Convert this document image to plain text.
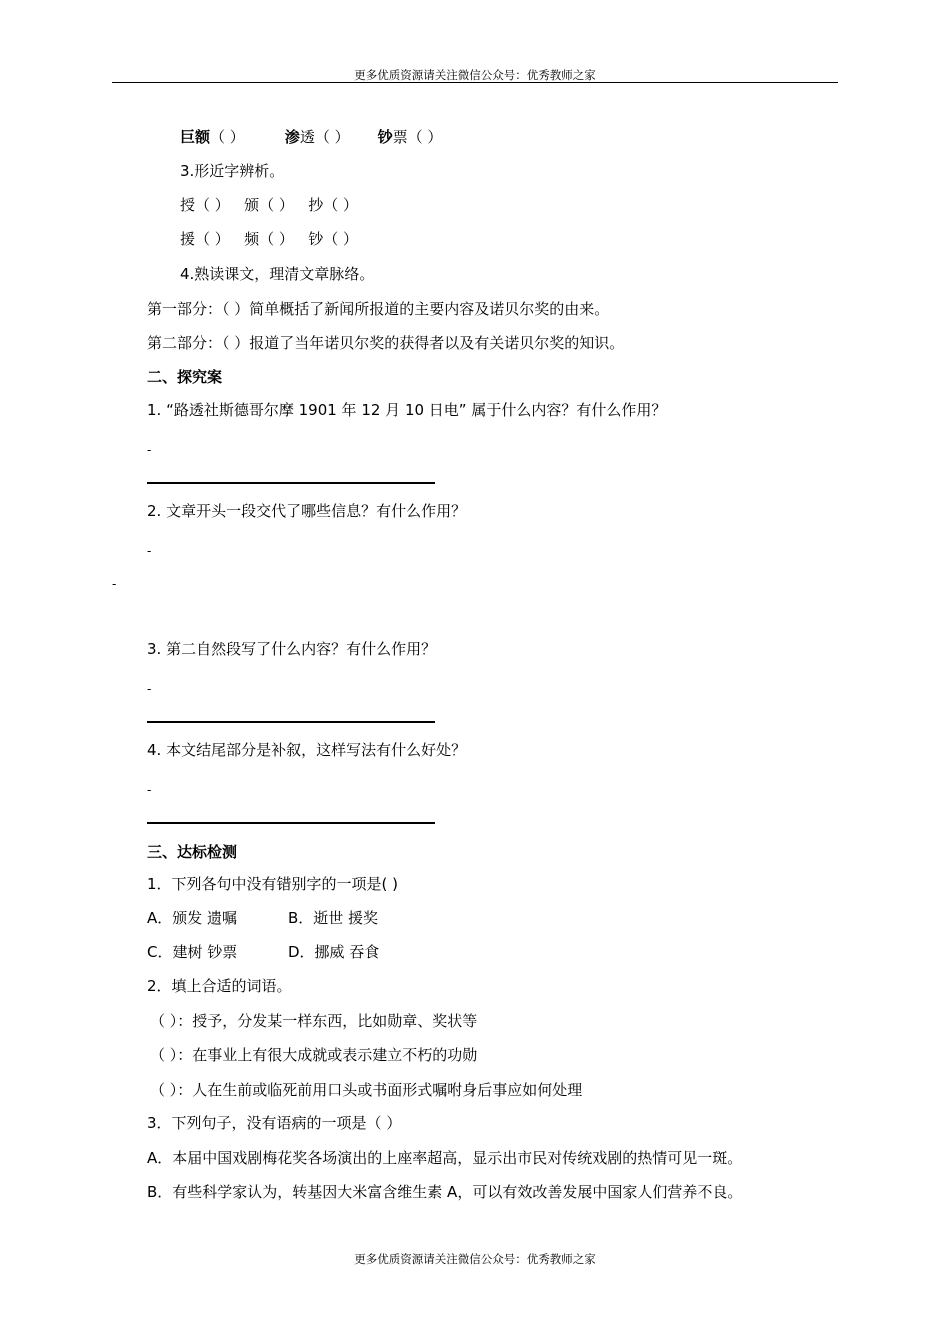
更多优质资源请关注微信公众号：优秀教师之家
巨额（ ）	渗透（ ） 钞票（ ）
3.形近字辨析。
授（ ） 颁（ ） 抄（ ）
援（ ） 频（ ） 钞（ ）
4.熟读课文，理清文章脉络。
第一部分：（ ）简单概括了新闻所报道的主要内容及诺贝尔奖的由来。
第二部分：（ ）报道了当年诺贝尔奖的获得者以及有关诺贝尔奖的知识。
二、探究案
1. “路透社斯德哥尔摩 1901 年 12 月 10 日电” 属于什么内容？有什么作用？
-
2. 文章开头一段交代了哪些信息？有什么作用？
-
-
3. 第二自然段写了什么内容？有什么作用？
-
4. 本文结尾部分是补叙，这样写法有什么好处？
-
三、达标检测
1．下列各句中没有错别字的一项是( )
A．颁发 遗嘱	B．逝世 援奖
C．建树 钞票	D．挪威 吞食
2．填上合适的词语。
（ ）：授予，分发某一样东西，比如勋章、奖状等
（ ）：在事业上有很大成就或表示建立不朽的功勋
（ ）：人在生前或临死前用口头或书面形式嘱咐身后事应如何处理
3．下列句子，没有语病的一项是（ ）
A．本届中国戏剧梅花奖各场演出的上座率超高，显示出市民对传统戏剧的热情可见一斑。
B．有些科学家认为，转基因大米富含维生素 A，可以有效改善发展中国家人们营养不良。
更多优质资源请关注微信公众号：优秀教师之家
